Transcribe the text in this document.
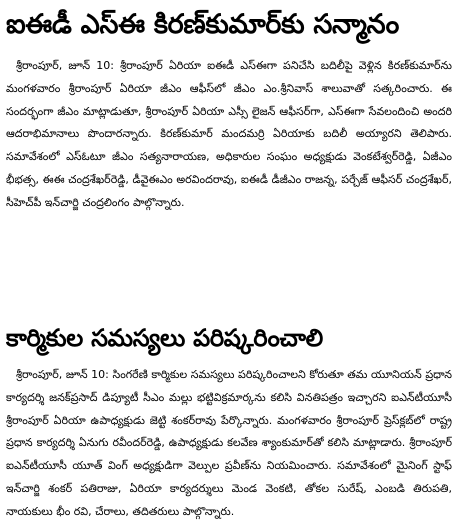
ఐఈడీ ఎస్ఈ కిరణ్‌కుమార్‌కు సన్మానం

శ్రీరాంపూర్, జూన్ 10: శ్రీరాంపూర్ ఏరియా ఐఈడీ ఎస్ఈగా పనిచేసి బదిలీపై వెళ్లిన కిరణ్‌కుమార్‌ను మంగళవారం శ్రీరాంపూర్ ఏరియా జీఎం ఆఫీస్‌లో జీఎం ఎం.శ్రీనివాస్ శాలువాతో సత్కరించారు. ఈ సందర్భంగా జీఎం మాట్లాడుతూ, శ్రీరాంపూర్ ఏరియా ఎస్సీ లైజన్ ఆఫీసర్‌గా, ఎస్ఈగా సేవలందించి అందరి ఆదరాభిమానాలు పొందారన్నారు. కిరణ్‌కుమార్ మందమర్రి ఏరియాకు బదిలీ అయ్యారని తెలిపారు. సమావేశంలో ఎస్ఓటూ జీఎం సత్యనారాయణ, అధికారుల సంఘం అధ్యక్షుడు వెంకటేశ్వర్‌రెడ్డి, ఏజీఎం భీభత్స, ఈఈ చంద్రశేఖర్‌రెడ్డి, డీవైఈఎం అరవిందరావు, ఐఈడీ డీజీఎం రాజన్న, పర్చేజ్ ఆఫీసర్ చంద్రశేఖర్, సీహెచ్‌పీ ఇన్‌చార్జి చంద్రలింగం పాల్గొన్నారు.

కార్మికుల సమస్యలు పరిష్కరించాలి

శ్రీరాంపూర్, జూన్ 10: సింగరేణి కార్మికుల సమస్యలు పరిష్కరించాలని కోరుతూ తమ యూనియన్ ప్రధాన కార్యదర్శి జనక్‌ప్రసాద్ డిప్యూటీ సీఎం మల్లు భట్టివిక్రమార్కను కలిసి వినతిపత్రం ఇచ్చారని ఐఎన్‌టీయూసీ శ్రీరాంపూర్ ఏరియా ఉపాధ్యక్షుడు జెట్టి శంకర్‌రావు పేర్కొన్నారు. మంగళవారం శ్రీరాంపూర్ ప్రెస్‌క్లబ్‌లో రాష్ట్ర ప్రధాన కార్యదర్శి ఏనుగు రవీందర్‌రెడ్డి, ఉపాధ్యక్షుడు కలవేణ శ్యాంకుమార్‌తో కలిసి మాట్లాడారు. శ్రీరాంపూర్ ఐఎన్‌టీయూసీ యూత్ వింగ్ అధ్యక్షుడిగా వెల్పుల ప్రవీణ్‌ను నియమించారు. సమావేశంలో మైనింగ్ స్టాఫ్ ఇన్‌చార్జి శంకర్ పతిరాజు, ఏరియా కార్యదర్శులు మెండ వెంకటి, తోకల సురేష్, ఎంబడి తిరుపతి, నాయకులు భీం రవి, చేరాలు, తదితరులు పాల్గొన్నారు.
